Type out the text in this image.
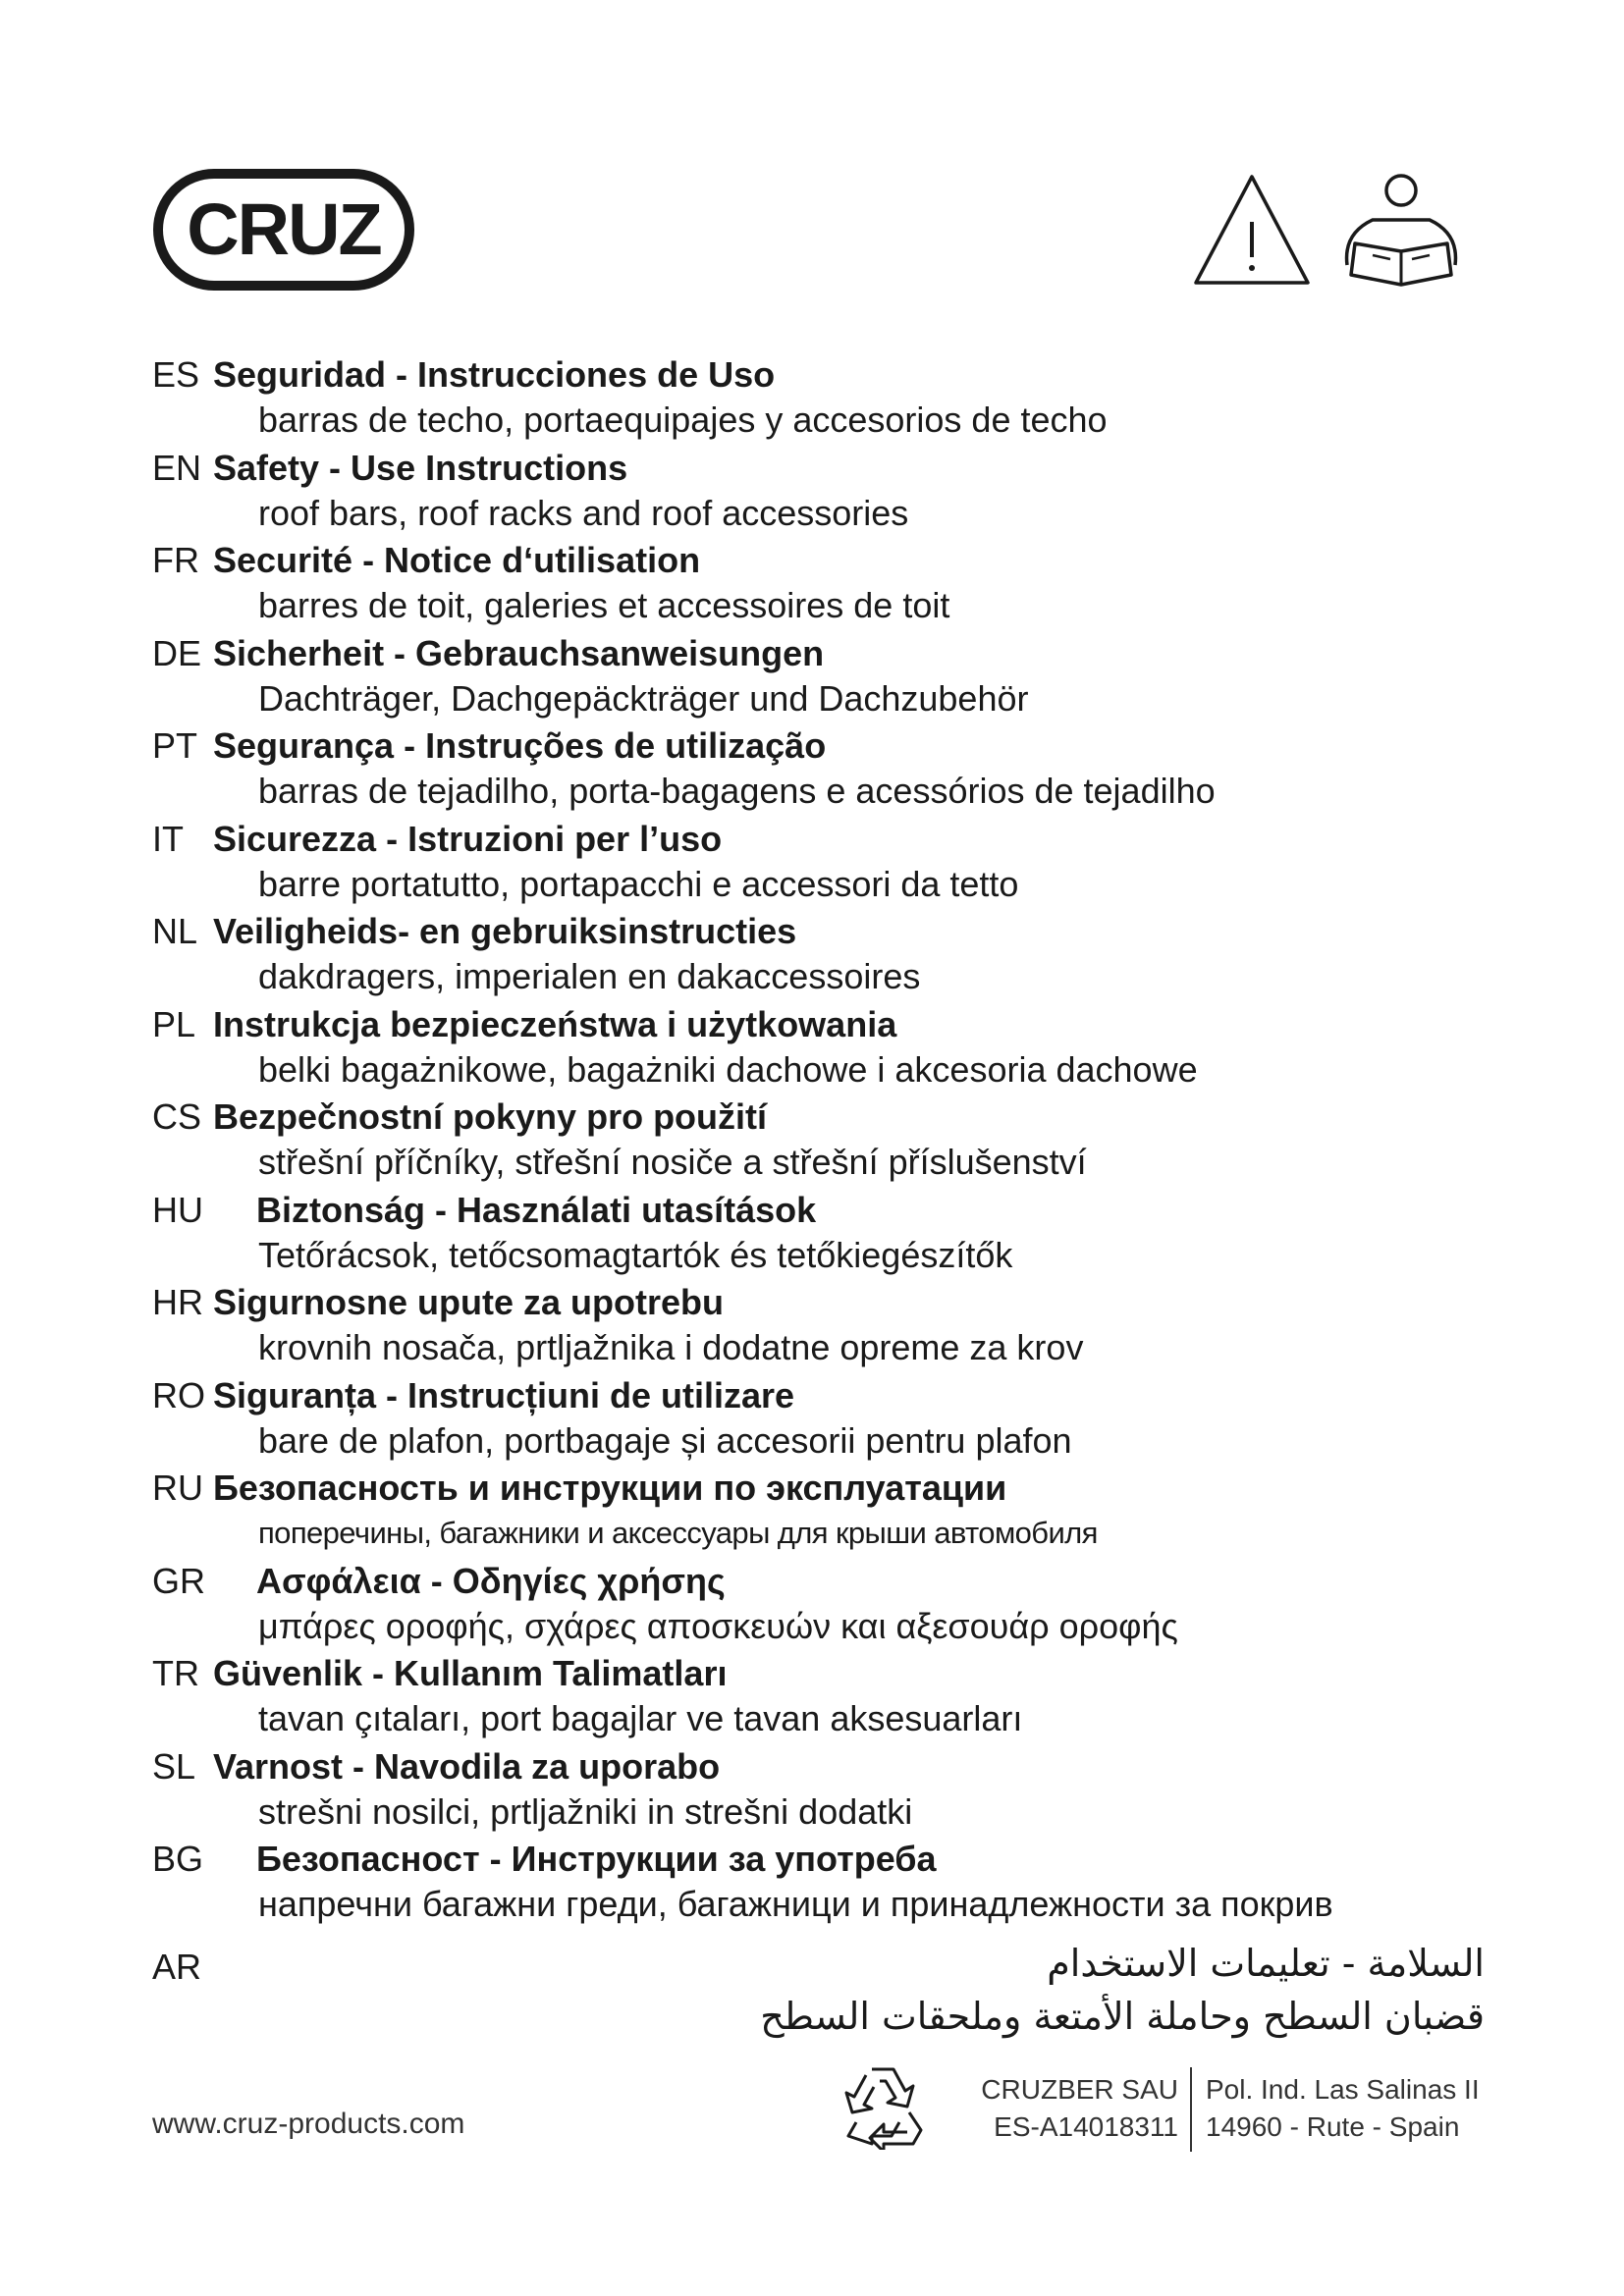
CRUZ
ES Seguridad - Instrucciones de Uso
barras de techo, portaequipajes y accesorios de techo
EN Safety - Use Instructions
roof bars, roof racks and roof accessories
FR Securité - Notice d‘utilisation
barres de toit, galeries et accessoires de toit
DE Sicherheit - Gebrauchsanweisungen
Dachträger, Dachgepäckträger und Dachzubehör
PT Segurança - Instruções de utilização
barras de tejadilho, porta-bagagens e acessórios de tejadilho
IT Sicurezza - Istruzioni per l’uso
barre portatutto, portapacchi e accessori da tetto
NL Veiligheids- en gebruiksinstructies
dakdragers, imperialen en dakaccessoires
PL Instrukcja bezpieczeństwa i użytkowania
belki bagażnikowe, bagażniki dachowe i akcesoria dachowe
CS Bezpečnostní pokyny pro použití
střešní příčníky, střešní nosiče a střešní příslušenství
HU Biztonság - Használati utasítások
Tetőrácsok, tetőcsomagtartók és tetőkiegészítők
HR Sigurnosne upute za upotrebu
krovnih nosača, prtljažnika i dodatne opreme za krov
RO Siguranța - Instrucțiuni de utilizare
bare de plafon, portbagaje și accesorii pentru plafon
RU Безопасность и инструкции по эксплуатации
поперечины, багажники и аксессуары для крыши автомобиля
GR Ασφάλεια - Οδηγίες χρήσης
μπάρες οροφής, σχάρες αποσκευών και αξεσουάρ οροφής
TR Güvenlik - Kullanım Talimatları
tavan çıtaları, port bagajlar ve tavan aksesuarları
SL Varnost - Navodila za uporabo
strešni nosilci, prtljažniki in strešni dodatki
BG Безопасност - Инструкции за употреба
напречни багажни греди, багажници и принадлежности за покрив
AR	السلامة - تعليمات الاستخدام
قضبان السطح وحاملة الأمتعة وملحقات السطح
www.cruz-products.com
CRUZBER SAU
ES-A14018311
Pol. Ind. Las Salinas II
14960 - Rute - Spain
